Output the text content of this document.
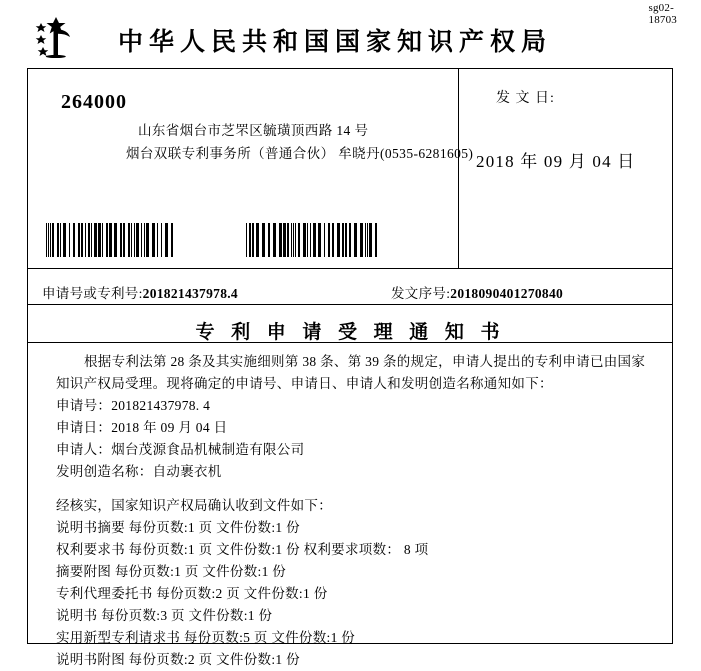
sg02-18703
中华人民共和国国家知识产权局
264000
山东省烟台市芝罘区毓璜顶西路 14 号
烟台双联专利事务所（普通合伙） 牟晓丹(0535-6281605)
发 文 日:
2018 年 09 月 04 日
申请号或专利号:201821437978.4	发文序号:2018090401270840
专 利 申 请 受 理 通 知 书

根据专利法第 28 条及其实施细则第 38 条、第 39 条的规定，申请人提出的专利申请已由国家知识产权局受理。现将确定的申请号、申请日、申请人和发明创造名称通知如下：

申请号：201821437978. 4

申请日：2018 年 09 月 04 日

申请人：烟台茂源食品机械制造有限公司

发明创造名称：自动裹衣机

经核实，国家知识产权局确认收到文件如下：

说明书摘要 每份页数:1 页 文件份数:1 份

权利要求书 每份页数:1 页 文件份数:1 份 权利要求项数： 8 项

摘要附图 每份页数:1 页 文件份数:1 份

专利代理委托书 每份页数:2 页 文件份数:1 份

说明书 每份页数:3 页 文件份数:1 份

实用新型专利请求书 每份页数:5 页 文件份数:1 份

说明书附图 每份页数:2 页 文件份数:1 份
